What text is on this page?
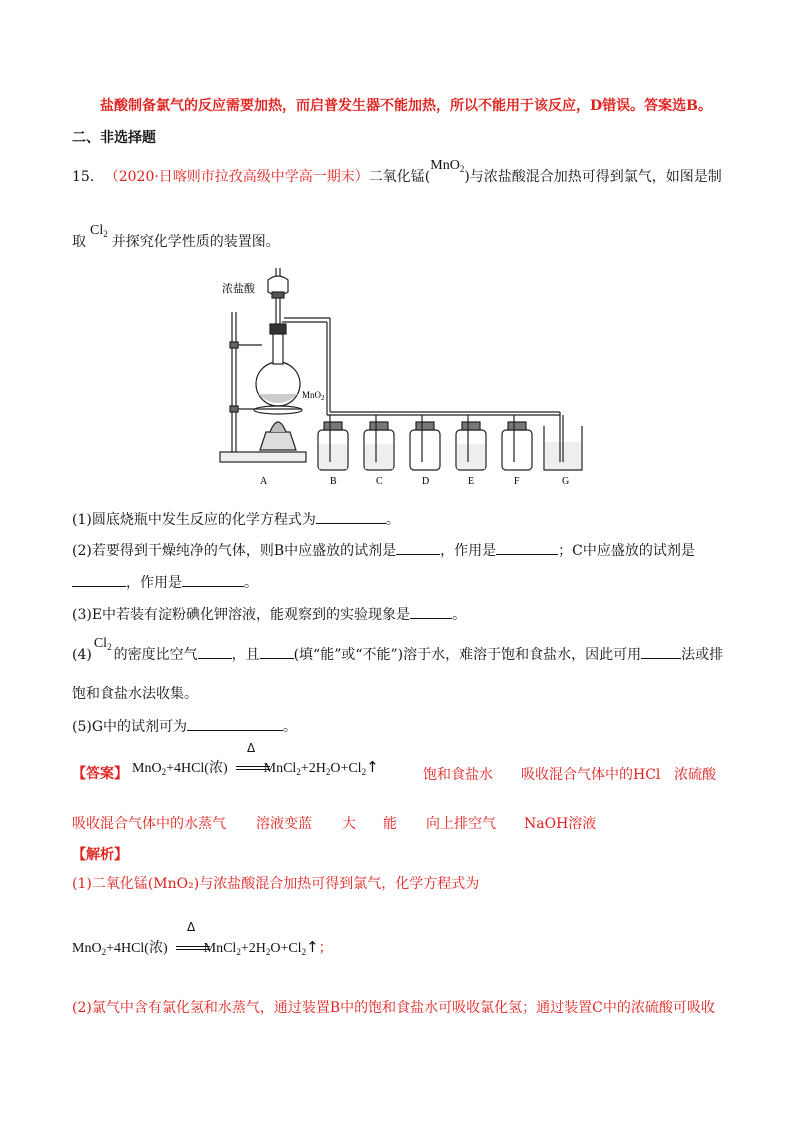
盐酸制备氯气的反应需要加热，而启普发生器不能加热，所以不能用于该反应，D错误。答案选B。
二、非选择题
15. （2020·日喀则市拉孜高级中学高一期末）二氧化锰(MnO$_2$)与浓盐酸混合加热可得到氯气，如图是制
取$Cl_2$ 并探究化学性质的装置图。
浓盐酸
MnO$_2$
A	B	C	D	E	F	G
(1)圆底烧瓶中发生反应的化学方程式为	。
(2)若要得到干燥纯净的气体，则B中应盛放的试剂是	，作用是	；C中应盛放的试剂是
，作用是	。
(3)E中若装有淀粉碘化钾溶液，能观察到的实验现象是	。
$(4)Cl_2$ 的密度比空气 ，且 (填“能”或“不能”)溶于水，难溶于饱和食盐水，因此可用	法或排
饱和食盐水法收集。
(5)G中的试剂可为	。
【答案】 MnO$_2$+4HCl(浓)	$MnCl_2+2H_2O+Cl_2↑$
Δ
饱和食盐水 吸收混合气体中的HCl 浓硫酸
吸收混合气体中的水蒸气 溶液变蓝 大 能 向上排空气 NaOH溶液
【解析】
(1)二氧化锰(MnO₂)与浓盐酸混合加热可得到氯气，化学方程式为
MnO$_2$+4HCl(浓)	$MnCl_2+2H_2O+Cl_2↑$；
Δ
(2)氯气中含有氯化氢和水蒸气，通过装置B中的饱和食盐水可吸收氯化氢；通过装置C中的浓硫酸可吸收
